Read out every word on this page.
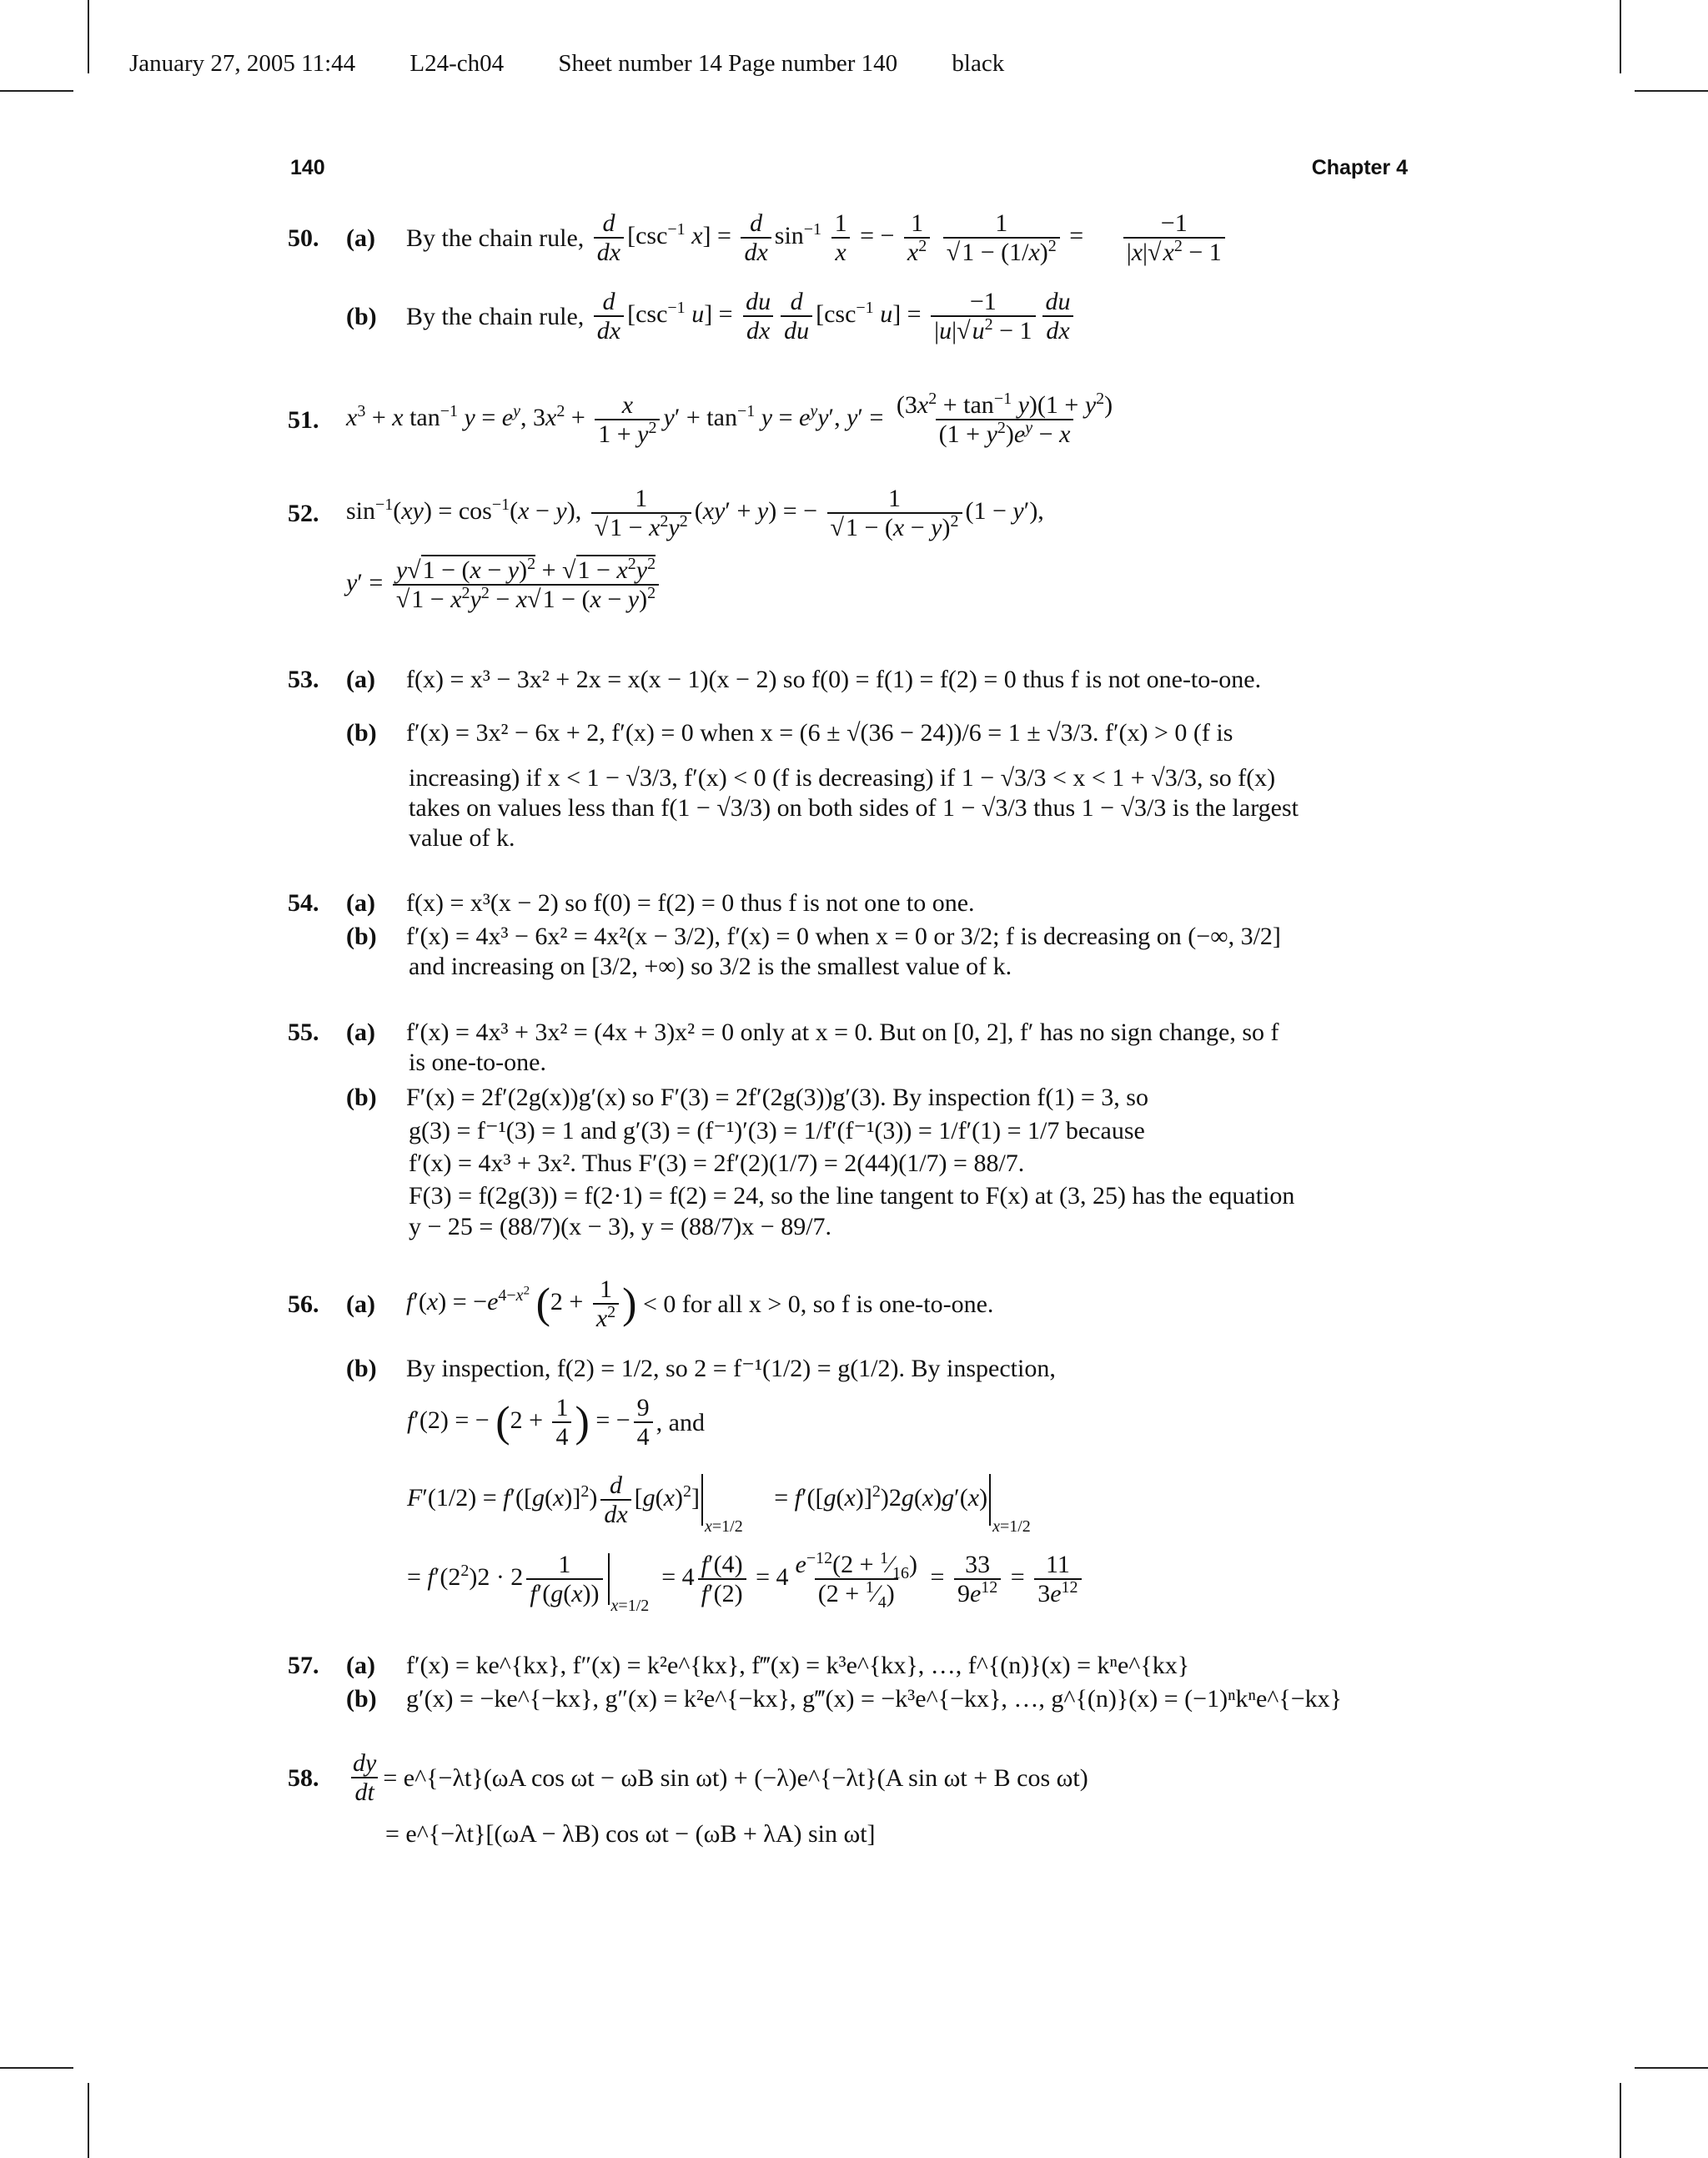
January 27, 2005 11:44 L24-ch04 Sheet number 14 Page number 140 black
140	Chapter 4
50.	(a)	By the chain rule,
$\frac{d}{dx} [\csc^{-1}$ $x] = \frac{d}{dx} \sin^{-1} \frac{1}{x}$ = − $\frac{1}{x^2}$
$\frac{1}{√1 - (1/x)^2} = \frac{-1}{|x|√x^2 - 1}$
(b)	By the chain rule,
$\frac{d}{dx} [\csc^{-1}$ $u] = \frac{du}{dx} \frac{d}{du} [\csc^{-1}$ $u] = \frac{-1}{|u|√u^2 - 1} \frac{du}{dx}$
51.	$x^3 + x$ $\tan^{-1} y = e^y$, $3x^2 + \frac{x}{1 + y^2} y' + \tan^{-1} y = e^yy'$, $y' = \frac{(3x^2 + \tan^{-1} y)(1 + y^2)}{(1 + y^2)e^y - x}$
52.	$\sin^{-1}(xy) = \cos^{-1}(x - y)$, $\frac{1}{√1 - x^2y^2} (xy' + y)$ = − $\frac{1}{√1 - (x - y)^2} (1 - y')$,
$y' = \frac{y√1 - (x - y)^2 + √1 - x^2y^2}{√1 - x^2y^2 - x√1 - (x - y)^2}$
53.	(a)	f(x) = x³ − 3x² + 2x = x(x − 1)(x − 2) so f(0) = f(1) = f(2) = 0 thus f is not one-to-one.
(b)	f′(x) = 3x² − 6x + 2, f′(x) = 0 when x = (6 ± √(36 − 24))/6 = 1 ± √3/3. f′(x) > 0 (f is
increasing) if x < 1 − √3/3, f′(x) < 0 (f is decreasing) if 1 − √3/3 < x < 1 + √3/3, so f(x)
takes on values less than f(1 − √3/3) on both sides of 1 − √3/3 thus 1 − √3/3 is the largest
value of k.
54.	(a)	f(x) = x³(x − 2) so f(0) = f(2) = 0 thus f is not one to one.
(b)	f′(x) = 4x³ − 6x² = 4x²(x − 3/2), f′(x) = 0 when x = 0 or 3/2; f is decreasing on (−∞, 3/2]
and increasing on [3/2, +∞) so 3/2 is the smallest value of k.
55.	(a)	f′(x) = 4x³ + 3x² = (4x + 3)x² = 0 only at x = 0. But on [0, 2], f′ has no sign change, so f
is one-to-one.
(b)	F′(x) = 2f′(2g(x))g′(x) so F′(3) = 2f′(2g(3))g′(3). By inspection f(1) = 3, so
g(3) = f⁻¹(3) = 1 and g′(3) = (f⁻¹)′(3) = 1/f′(f⁻¹(3)) = 1/f′(1) = 1/7 because
f′(x) = 4x³ + 3x². Thus F′(3) = 2f′(2)(1/7) = 2(44)(1/7) = 88/7.
F(3) = f(2g(3)) = f(2·1) = f(2) = 24, so the line tangent to F(x) at (3, 25) has the equation
y − 25 = (88/7)(x − 3), y = (88/7)x − 89/7.
56.	(a)	$f'(x) = -e^{4-x^2}$ ($2 + \frac{1}{x^2}$ )
< 0 for all x > 0, so f is one-to-one.
(b)	By inspection, f(2) = 1/2, so 2 = f⁻¹(1/2) = g(1/2). By inspection,
f′(2) = − ($2 + \frac{1}{4}$ ) = − $\frac{9}{4}$ , and
$F'(1/2) = f'([g(x)]^2) \frac{d}{dx} [g(x)^2]_{x=1/2}$     = $f'([g(x)]^2)2g(x)g'(x)_{x=1/2}$
= $f'(2^2)2 \cdot 2 \frac{1}{f'(g(x))} _{x=1/2} = 4 \frac{f'(4)}{f'(2)} = 4 \frac{e^{-12}(2 + ^1⁄_{16})}{(2 + ^1⁄_4)} = \frac{33}{9e^{12}} = \frac{11}{3e^{12}}$
57.	(a)	f′(x) = ke^{kx}, f″(x) = k²e^{kx}, f‴(x) = k³e^{kx}, …, f^{(n)}(x) = kⁿe^{kx}
(b)	g′(x) = −ke^{−kx}, g″(x) = k²e^{−kx}, g‴(x) = −k³e^{−kx}, …, g^{(n)}(x) = (−1)ⁿkⁿe^{−kx}
58.	$\frac{dy}{dt}$ = e^{−λt}(ωA cos ωt − ωB sin ωt) + (−λ)e^{−λt}(A sin ωt + B cos ωt)
= e^{−λt}[(ωA − λB) cos ωt − (ωB + λA) sin ωt]
